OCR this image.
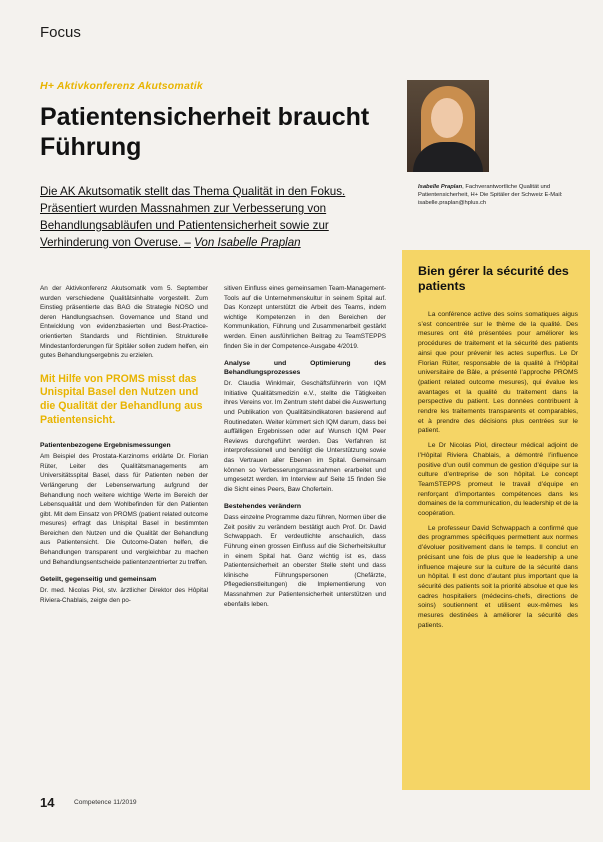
Focus
H+ Aktivkonferenz Akutsomatik
Patientensicherheit braucht Führung
Die AK Akutsomatik stellt das Thema Qualität in den Fokus. Präsentiert wurden Massnahmen zur Verbesserung von Behandlungsabläufen und Patientensicherheit sowie zur Verhinderung von Overuse. – Von Isabelle Praplan

An der Aktivkonferenz Akutsomatik vom 5. September wurden verschiedene Qualitätsinhalte vorgestellt. Zum Einstieg präsentierte das BAG die Strategie NOSO und deren Handlungsachsen. Governance und Stand und Entwicklung von evidenzbasierten und Best-Practice-orientierten Standards und Richtlinien. Strukturelle Mindestanforderungen für Spitäler sollen zudem helfen, ein gutes Behandlungsergebnis zu erzielen.

Mit Hilfe von PROMS misst das Unispital Basel den Nutzen und die Qualität der Behandlung aus Patientensicht.
Patientenbezogene Ergebnismessungen

Am Beispiel des Prostata-Karzinoms erklärte Dr. Florian Rüter, Leiter des Qualitätsmanagements am Universitätsspital Basel, dass für Patienten neben der Verlängerung der Lebenserwartung aufgrund der Behandlung noch weitere wichtige Werte im Bereich der Lebensqualität und dem Wohlbefinden für den Patienten gibt. Mit dem Einsatz von PROMS (patient related outcome mesures) erfragt das Unispital Basel in bestimmten Bereichen den Nutzen und die Qualität der Behandlung aus Patientensicht. Die Outcome-Daten helfen, die Behandlungen transparent und vergleichbar zu machen und Behandlungsentscheide patientenzentrierter zu treffen.

Geteilt, gegenseitig und gemeinsam

Dr. med. Nicolas Piol, stv. ärztlicher Direktor des Hôpital Riviera-Chablais, zeigte den po-

sitiven Einfluss eines gemeinsamen Team-Management-Tools auf die Unternehmenskultur in seinem Spital auf. Das Konzept unterstützt die Arbeit des Teams, indem wichtige Kompetenzen in den Bereichen der Kommunikation, Führung und Zusammenarbeit gestärkt werden. Einen ausführlichen Beitrag zu TeamSTEPPS finden Sie in der Competence-Ausgabe 4/2019.

Analyse und Optimierung des Behandlungsprozesses

Dr. Claudia Winklmair, Geschäftsführerin von IQM Initiative Qualitätsmedizin e.V., stellte die Tätigkeiten ihres Vereins vor. Im Zentrum steht dabei die Auswertung und Publikation von Qualitätsindikatoren basierend auf Routinedaten. Weiter kümmert sich IQM darum, dass bei auffälligen Ergebnissen oder auf Wunsch IQM Peer Reviews durchgeführt werden. Das Verfahren ist interprofessionell und benötigt die Unterstützung sowie das Vertrauen aller Ebenen im Spital. Gemeinsam können so Verbesserungsmassnahmen erarbeitet und umgesetzt werden. Im Interview auf Seite 15 finden Sie die Sicht eines Peers, Baw Chofertein.

Bestehendes verändern

Dass einzelne Programme dazu führen, Normen über die Zeit positiv zu verändern bestätigt auch Prof. Dr. David Schwappach. Er verdeutlichte anschaulich, dass Führung einen grossen Einfluss auf die Sicherheitskultur in einem Spital hat. Ganz wichtig ist es, dass Patientensicherheit an oberster Stelle steht und dass klinische Führungspersonen (Chefärzte, Pflegedienstleitungen) die Implementierung von Massnahmen zur Patientensicherheit unterstützen und ebenfalls leben.

Isabelle Praplan, Fachverantwortliche Qualität und Patientensicherheit, H+ Die Spitäler der Schweiz E-Mail: isabelle.praplan@hplus.ch
Bien gérer la sécurité des patients

La conférence active des soins somatiques aigus s’est concentrée sur le thème de la qualité. Des mesures ont été présentées pour améliorer les procédures de traitement et la sécurité des patients ainsi que pour prévenir les actes superflus. Le Dr Florian Rüter, responsable de la qualité à l’Hôpital universitaire de Bâle, a présenté l’approche PROMS (patient related outcome mesures), qui évalue les avantages et la qualité du traitement dans la perspective du patient. Les données contribuent à rendre les traitements transparents et comparables, et à prendre des décisions plus centrées sur le patient.

Le Dr Nicolas Piol, directeur médical adjoint de l’Hôpital Riviera Chablais, a démontré l’influence positive d’un outil commun de gestion d’équipe sur la culture d’entreprise de son hôpital. Le concept TeamSTEPPS promeut le travail d’équipe en renforçant d’importantes compétences dans les domaines de la communication, du leadership et de la coopération.

Le professeur David Schwappach a confirmé que des programmes spécifiques permettent aux normes d’évoluer positivement dans le temps. Il conclut en précisant une fois de plus que le leadership a une influence majeure sur la culture de la sécurité dans un hôpital. Il est donc d’autant plus important que la sécurité des patients soit la priorité absolue et que les cadres hospitaliers (médecins-chefs, directions de soins) soutiennent et utilisent eux-mêmes les mesures destinées à améliorer la sécurité des patients.

14	Competence 11/2019
